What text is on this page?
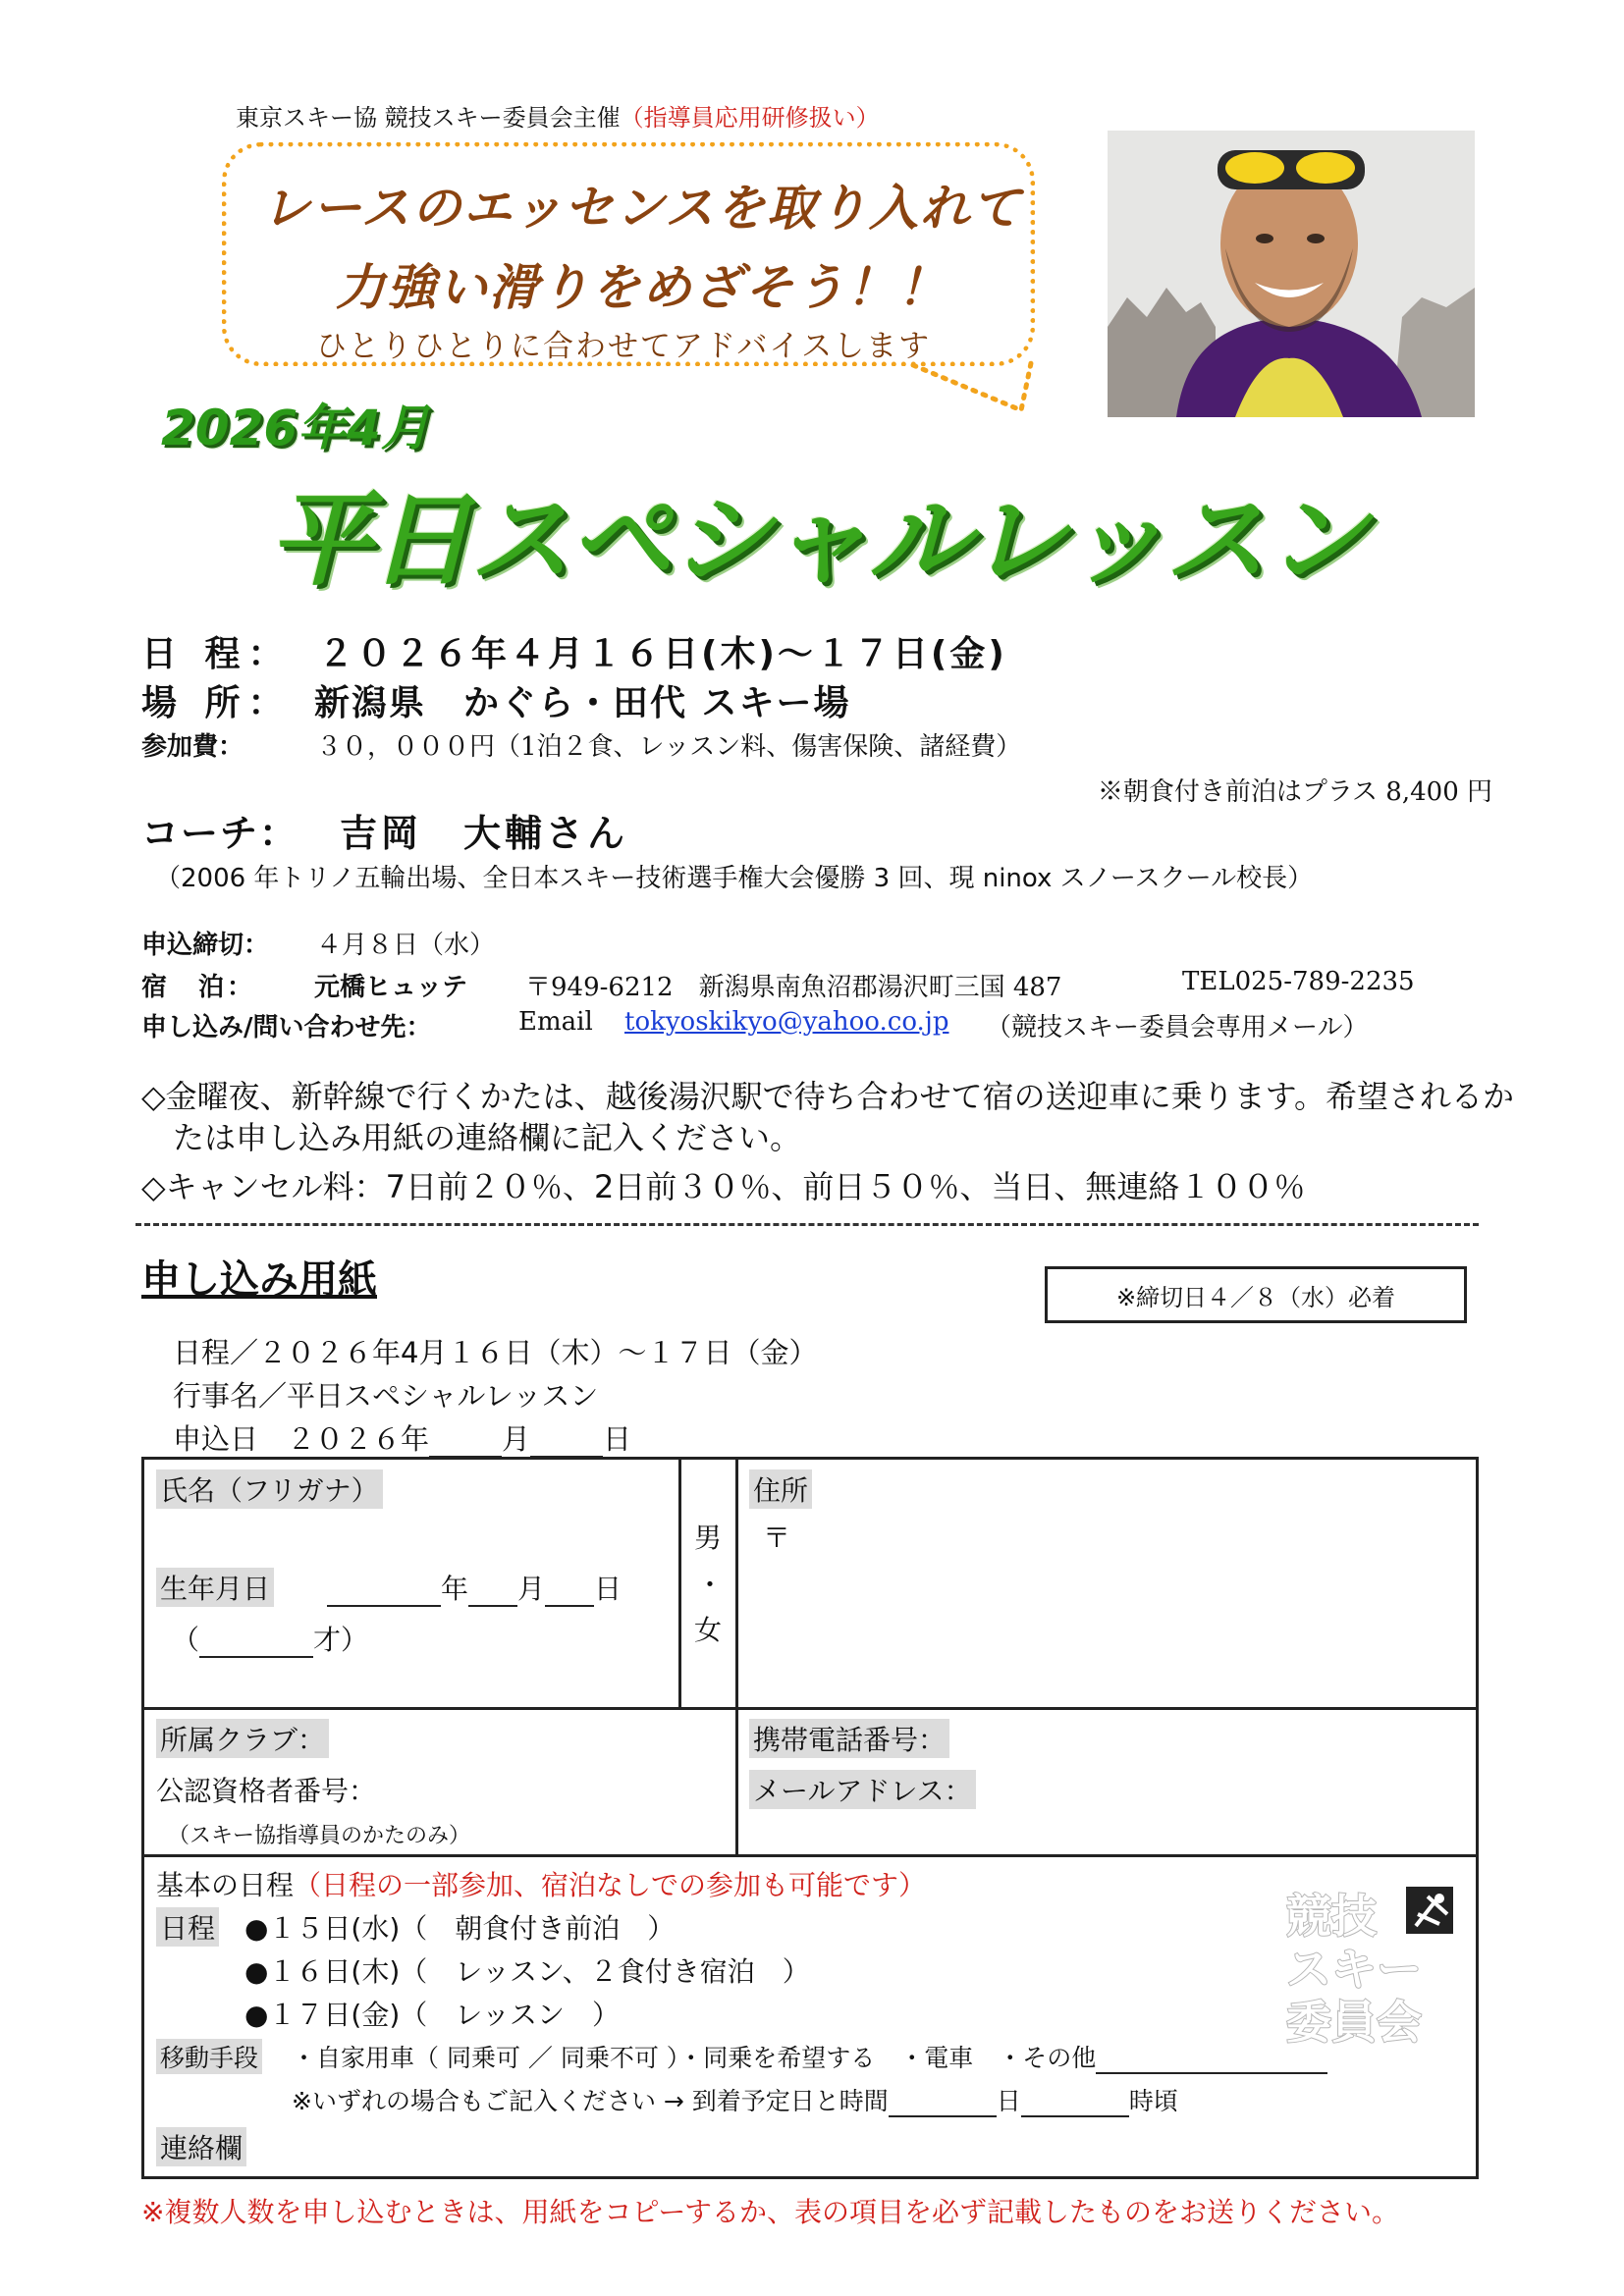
東京スキー協 競技スキー委員会主催（指導員応用研修扱い）
レースのエッセンスを取り入れて
力強い滑りをめざそう！！
ひとりひとりに合わせてアドバイスします
2026年4月
平日スペシャルレッスン
日 程： ２０２６年４月１６日(木)～１７日(金)
場 所： 新潟県　かぐら・田代 スキー場
参加費：	３０，０００円（1泊２食、レッスン料、傷害保険、諸経費）
※朝食付き前泊はプラス 8,400 円
コーチ： 吉岡　大輔さん
（2006 年トリノ五輪出場、全日本スキー技術選手権大会優勝 3 回、現 ninox スノースクール校長）
申込締切： ４月８日（水）
宿　泊： 元橋ヒュッテ 〒949-6212　新潟県南魚沼郡湯沢町三国 487	TEL025-789-2235
申し込み/問い合わせ先：	Email tokyoskikyo@yahoo.co.jp （競技スキー委員会専用メール）
◇金曜夜、新幹線で行くかたは、越後湯沢駅で待ち合わせて宿の送迎車に乗ります。希望されるか
たは申し込み用紙の連絡欄に記入ください。
◇キャンセル料：7日前２０％、2日前３０％、前日５０％、当日、無連絡１００％
申し込み用紙	※締切日４／８（水）必着
日程／２０２６年4月１６日（木）～１７日（金）
行事名／平日スペシャルレッスン
申込日　２０２６年	月	日
氏名（フリガナ）
生年月日	年 月 日
（	才）
男
・
女
住所
〒
所属クラブ：
公認資格者番号：
（スキー協指導員のかたのみ）
携帯電話番号：
メールアドレス：
基本の日程（日程の一部参加、宿泊なしでの参加も可能です）
日程 ●１５日(水)（　朝食付き前泊　）
●１６日(木)（　レッスン、２食付き宿泊　）
●１７日(金)（　レッスン　）
移動手段 ・自家用車（ 同乗可 ／ 同乗不可 ）・同乗を希望する　・電車　・その他
※いずれの場合もご記入ください → 到着予定日と時間	日	時頃
連絡欄
競技
スキー
委員会
※複数人数を申し込むときは、用紙をコピーするか、表の項目を必ず記載したものをお送りください。
